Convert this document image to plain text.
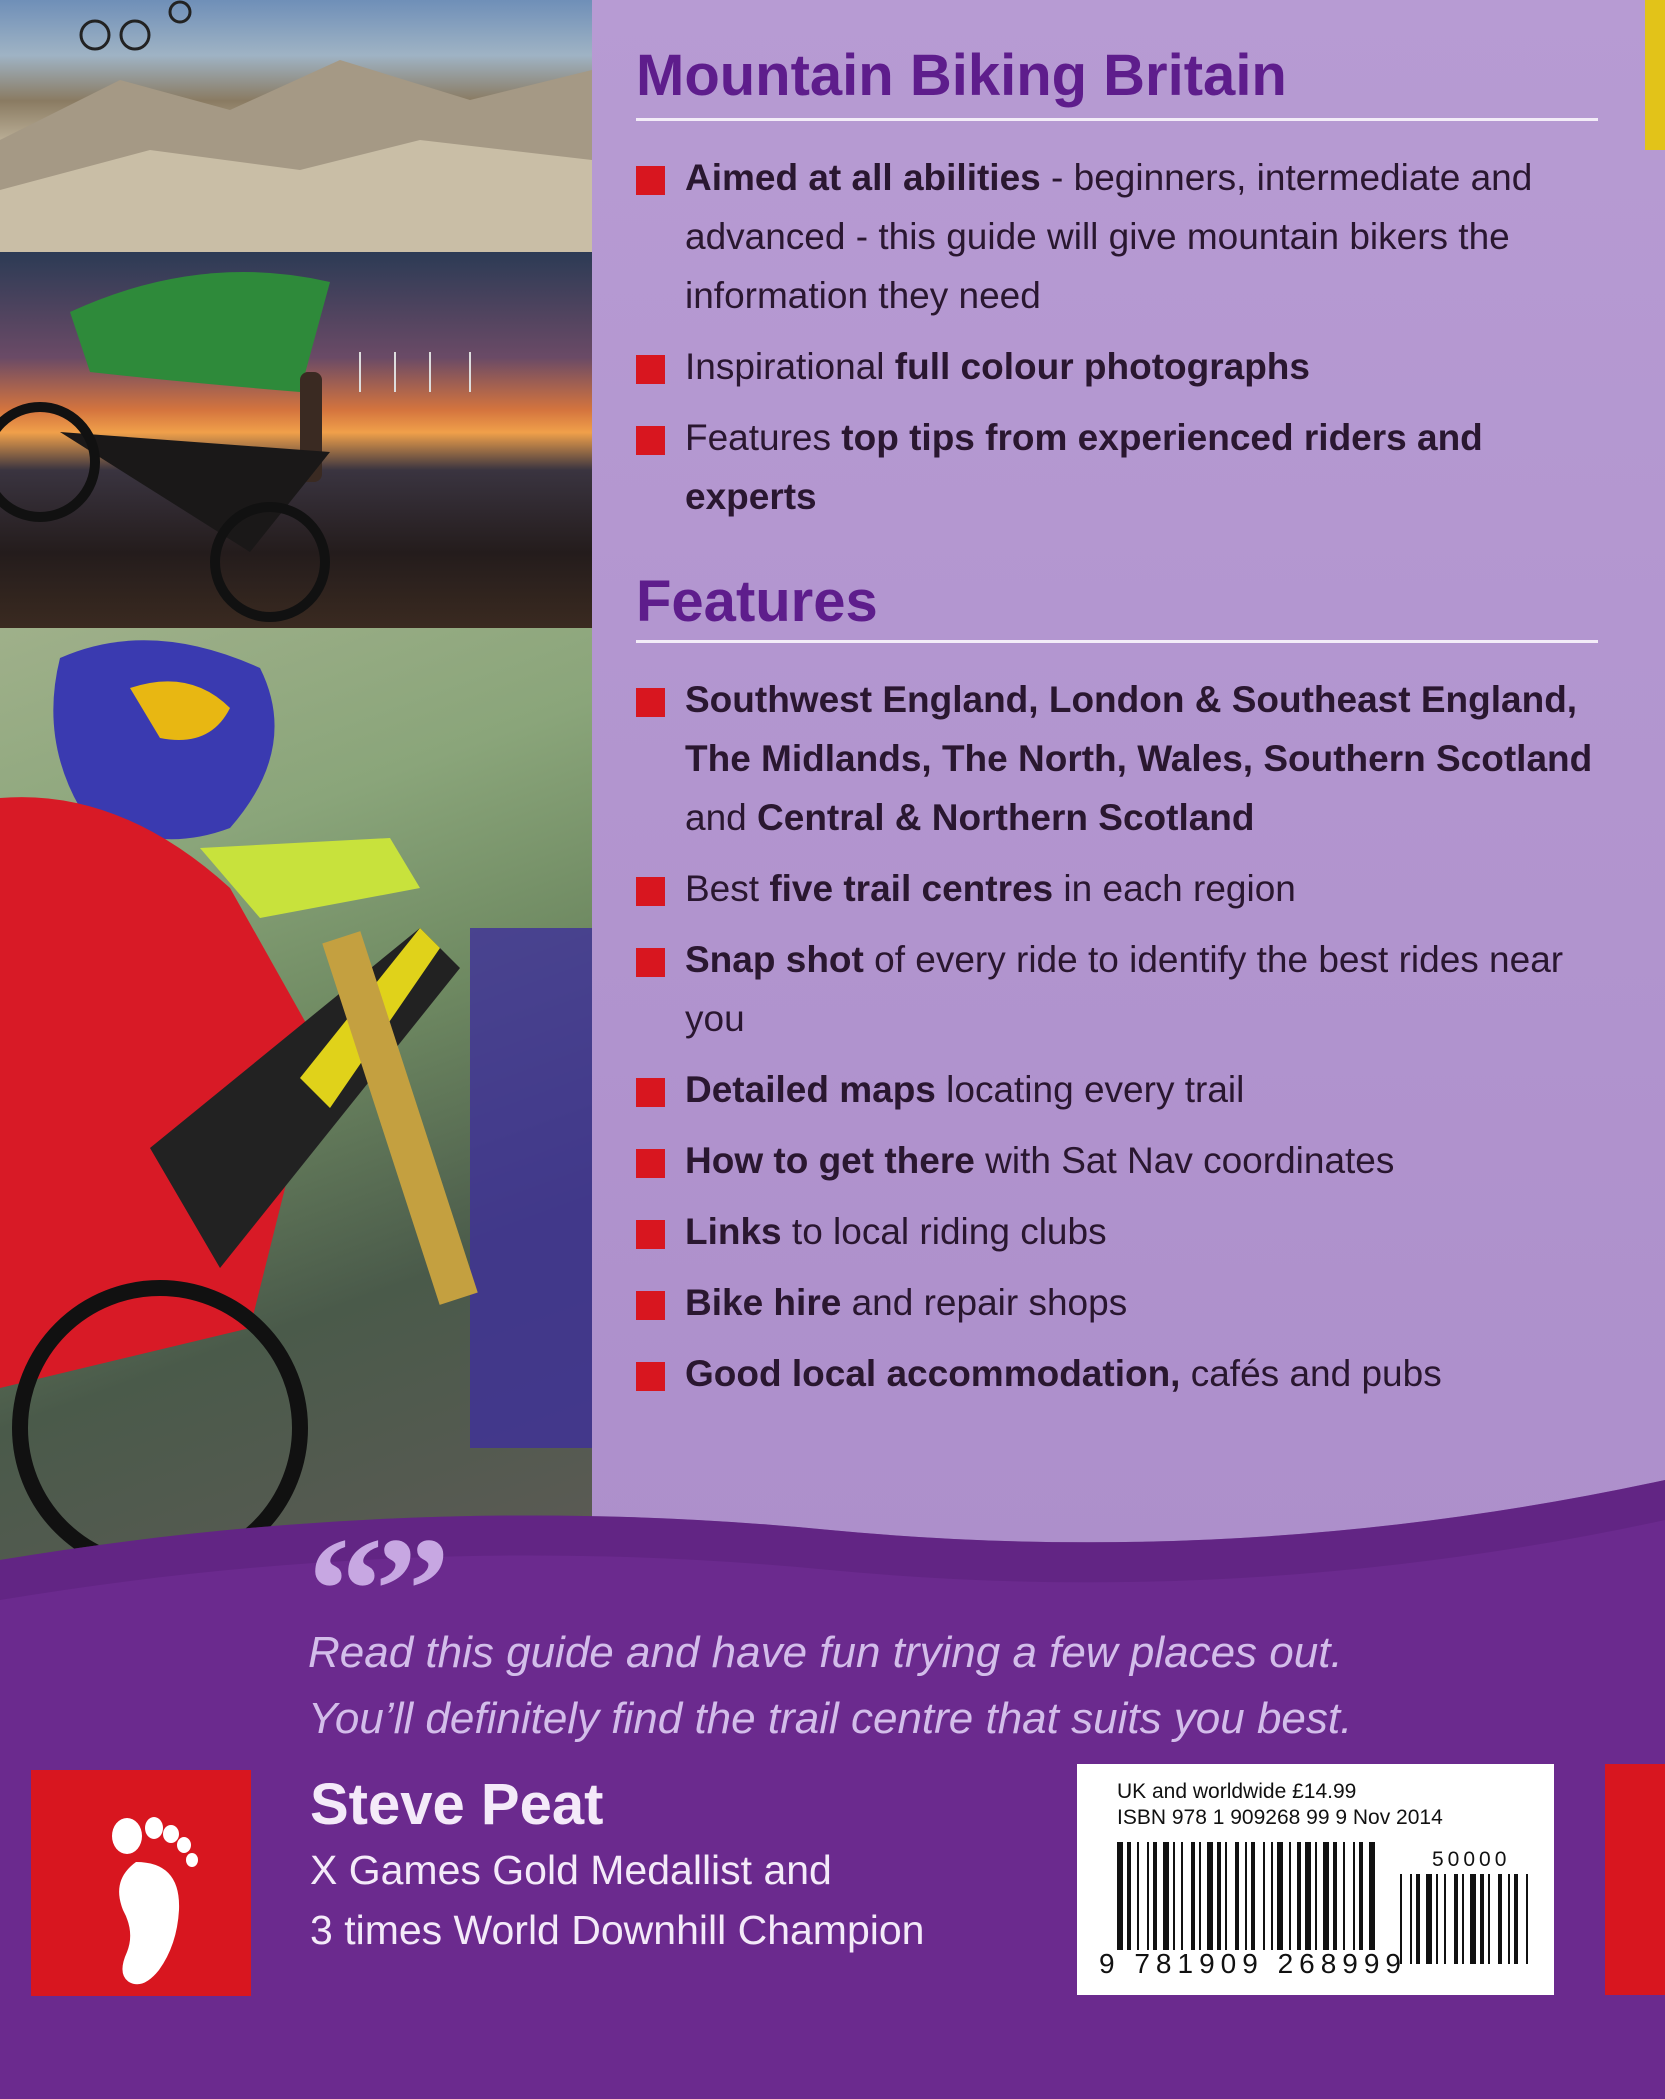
Mountain Biking Britain
Aimed at all abilities - beginners, intermediate and advanced - this guide will give mountain bikers the information they need
Inspirational full colour photographs
Features top tips from experienced riders and experts
Features
Southwest England, London & Southeast England, The Midlands, The North, Wales, Southern Scotland and Central & Northern Scotland
Best five trail centres in each region
Snap shot of every ride to identify the best rides near you
Detailed maps locating every trail
How to get there with Sat Nav coordinates
Links to local riding clubs
Bike hire and repair shops
Good local accommodation, cafés and pubs
“”
Read this guide and have fun trying a few places out.
You’ll definitely find the trail centre that suits you best.
Steve Peat
X Games Gold Medallist and
3 times World Downhill Champion
UK and worldwide £14.99
ISBN 978 1 909268 99 9 Nov 2014
50000
9 781909 268999
